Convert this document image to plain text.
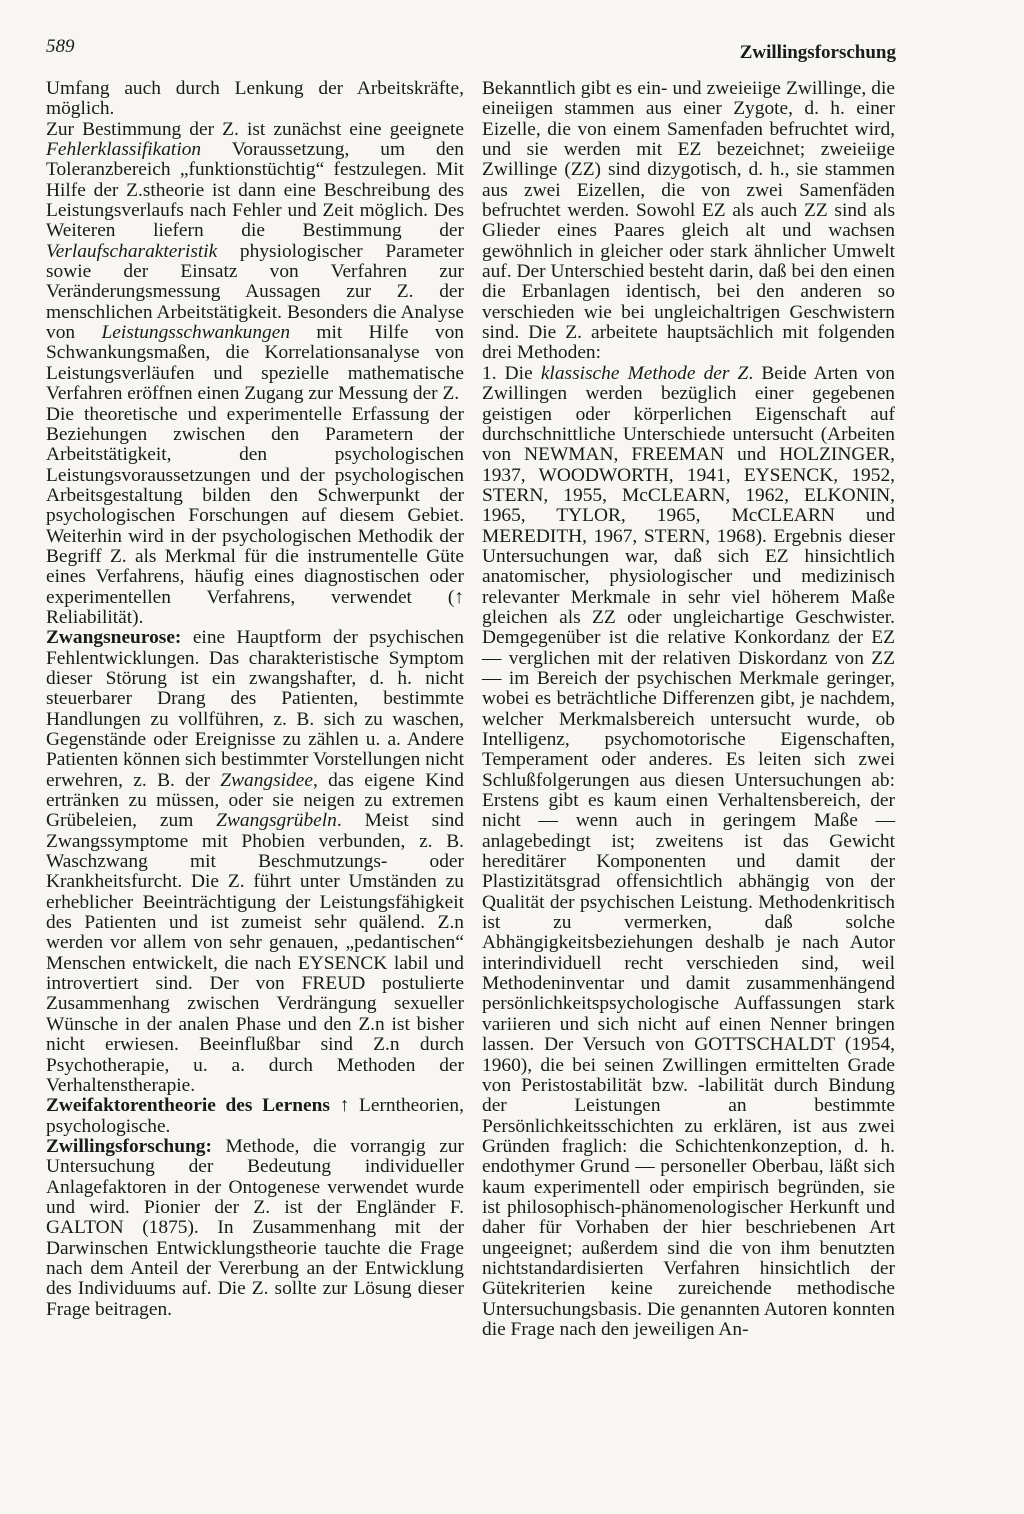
589	Zwillingsforschung

Umfang auch durch Lenkung der Arbeitskräfte, möglich.

Zur Bestimmung der Z. ist zunächst eine geeignete Fehlerklassifikation Voraussetzung, um den Toleranzbereich „funktionstüchtig“ festzulegen. Mit Hilfe der Z.stheorie ist dann eine Beschreibung des Leistungsverlaufs nach Fehler und Zeit möglich. Des Weiteren liefern die Bestimmung der Verlaufscharakteristik physiologischer Parameter sowie der Einsatz von Verfahren zur Veränderungsmessung Aussagen zur Z. der menschlichen Arbeitstätigkeit. Besonders die Analyse von Leistungsschwankungen mit Hilfe von Schwankungsmaßen, die Korrelationsanalyse von Leistungsverläufen und spezielle mathematische Verfahren eröffnen einen Zugang zur Messung der Z.

Die theoretische und experimentelle Erfassung der Beziehungen zwischen den Parametern der Arbeitstätigkeit, den psychologischen Leistungsvoraussetzungen und der psychologischen Arbeitsgestaltung bilden den Schwerpunkt der psychologischen Forschungen auf diesem Gebiet. Weiterhin wird in der psychologischen Methodik der Begriff Z. als Merkmal für die instrumentelle Güte eines Verfahrens, häufig eines diagnostischen oder experimentellen Verfahrens, verwendet (↑ Reliabilität).

Zwangsneurose: eine Hauptform der psychischen Fehlentwicklungen. Das charakteristische Symptom dieser Störung ist ein zwangshafter, d. h. nicht steuerbarer Drang des Patienten, bestimmte Handlungen zu vollführen, z. B. sich zu waschen, Gegenstände oder Ereignisse zu zählen u. a. Andere Patienten können sich bestimmter Vorstellungen nicht erwehren, z. B. der Zwangsidee, das eigene Kind ertränken zu müssen, oder sie neigen zu extremen Grübeleien, zum Zwangsgrübeln. Meist sind Zwangssymptome mit Phobien verbunden, z. B. Waschzwang mit Beschmutzungs- oder Krankheitsfurcht. Die Z. führt unter Umständen zu erheblicher Beeinträchtigung der Leistungsfähigkeit des Patienten und ist zumeist sehr quälend. Z.n werden vor allem von sehr genauen, „pedantischen“ Menschen entwickelt, die nach EYSENCK labil und introvertiert sind. Der von FREUD postulierte Zusammenhang zwischen Verdrängung sexueller Wünsche in der analen Phase und den Z.n ist bisher nicht erwiesen. Beeinflußbar sind Z.n durch Psychotherapie, u. a. durch Methoden der Verhaltenstherapie.

Zweifaktorentheorie des Lernens ↑ Lerntheorien, psychologische.

Zwillingsforschung: Methode, die vorrangig zur Untersuchung der Bedeutung individueller Anlagefaktoren in der Ontogenese verwendet wurde und wird. Pionier der Z. ist der Engländer F. GALTON (1875). In Zusammenhang mit der Darwinschen Entwicklungstheorie tauchte die Frage nach dem Anteil der Vererbung an der Entwicklung des Individuums auf. Die Z. sollte zur Lösung dieser Frage beitragen.

Bekanntlich gibt es ein- und zweieiige Zwillinge, die eineiigen stammen aus einer Zygote, d. h. einer Eizelle, die von einem Samenfaden befruchtet wird, und sie werden mit EZ bezeichnet; zweieiige Zwillinge (ZZ) sind dizygotisch, d. h., sie stammen aus zwei Eizellen, die von zwei Samenfäden befruchtet werden. Sowohl EZ als auch ZZ sind als Glieder eines Paares gleich alt und wachsen gewöhnlich in gleicher oder stark ähnlicher Umwelt auf. Der Unterschied besteht darin, daß bei den einen die Erbanlagen identisch, bei den anderen so verschieden wie bei ungleichaltrigen Geschwistern sind. Die Z. arbeitete hauptsächlich mit folgenden drei Methoden:

1. Die klassische Methode der Z. Beide Arten von Zwillingen werden bezüglich einer gegebenen geistigen oder körperlichen Eigenschaft auf durchschnittliche Unterschiede untersucht (Arbeiten von NEWMAN, FREEMAN und HOLZINGER, 1937, WOODWORTH, 1941, EYSENCK, 1952, STERN, 1955, McCLEARN, 1962, ELKONIN, 1965, TYLOR, 1965, McCLEARN und MEREDITH, 1967, STERN, 1968). Ergebnis dieser Untersuchungen war, daß sich EZ hinsichtlich anatomischer, physiologischer und medizinisch relevanter Merkmale in sehr viel höherem Maße gleichen als ZZ oder ungleichartige Geschwister. Demgegenüber ist die relative Konkordanz der EZ — verglichen mit der relativen Diskordanz von ZZ — im Bereich der psychischen Merkmale geringer, wobei es beträchtliche Differenzen gibt, je nachdem, welcher Merkmalsbereich untersucht wurde, ob Intelligenz, psychomotorische Eigenschaften, Temperament oder anderes. Es leiten sich zwei Schlußfolgerungen aus diesen Untersuchungen ab: Erstens gibt es kaum einen Verhaltensbereich, der nicht — wenn auch in geringem Maße — anlagebedingt ist; zweitens ist das Gewicht hereditärer Komponenten und damit der Plastizitätsgrad offensichtlich abhängig von der Qualität der psychischen Leistung. Methodenkritisch ist zu vermerken, daß solche Abhängigkeitsbeziehungen deshalb je nach Autor interindividuell recht verschieden sind, weil Methodeninventar und damit zusammenhängend persönlichkeitspsychologische Auffassungen stark variieren und sich nicht auf einen Nenner bringen lassen. Der Versuch von GOTTSCHALDT (1954, 1960), die bei seinen Zwillingen ermittelten Grade von Peristostabilität bzw. -labilität durch Bindung der Leistungen an bestimmte Persönlichkeitsschichten zu erklären, ist aus zwei Gründen fraglich: die Schichtenkonzeption, d. h. endothymer Grund — personeller Oberbau, läßt sich kaum experimentell oder empirisch begründen, sie ist philosophisch-phänomenologischer Herkunft und daher für Vorhaben der hier beschriebenen Art ungeeignet; außerdem sind die von ihm benutzten nichtstandardisierten Verfahren hinsichtlich der Gütekriterien keine zureichende methodische Untersuchungsbasis. Die genannten Autoren konnten die Frage nach den jeweiligen An-
